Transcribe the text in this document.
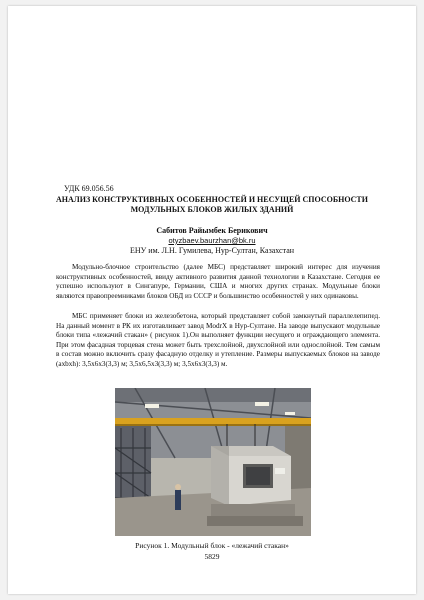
УДК 69.056.56
АНАЛИЗ КОНСТРУКТИВНЫХ ОСОБЕННОСТЕЙ И НЕСУЩЕЙ СПОСОБНОСТИ
МОДУЛЬНЫХ БЛОКОВ ЖИЛЫХ ЗДАНИЙ
Сабитов Райымбек Берикович
otyzbaev.baurzhan@bk.ru
ЕНУ им. Л.Н. Гумилева, Нур-Султан, Казахстан

Модульно-блочное строительство (далее МБС) представляет широкий интерес для изучения конструктивных особенностей, ввиду активного развития данной технологии в Казахстане. Сегодня ее успешно используют в Сингапуре, Германии, США и многих других странах. Модульные блоки являются правопреемниками блоков ОБД из СССР и большинство особенностей у них одинаковы.

МБС применяет блоки из железобетона, который представляет собой замкнутый параллелепипед. На данный момент в РК их изготавливает завод ModrX в Нур-Султане. На заводе выпускают модульные блоки типа «лежачий стакан» ( рисунок 1).Он выполняет функции несущего и ограждающего элемента. При этом фасадная торцевая стена может быть трехслойной, двухслойной или однослойной. Тем самым в состав можно включить сразу фасадную отделку и утепление. Размеры выпускаемых блоков на заводе (axbxh): 3,5х6х3(3,3) м; 3,5х6,5х3(3,3) м; 3,5х6х3(3,3) м.

Рисунок 1. Модульный блок - «лежачий стакан»
5829
